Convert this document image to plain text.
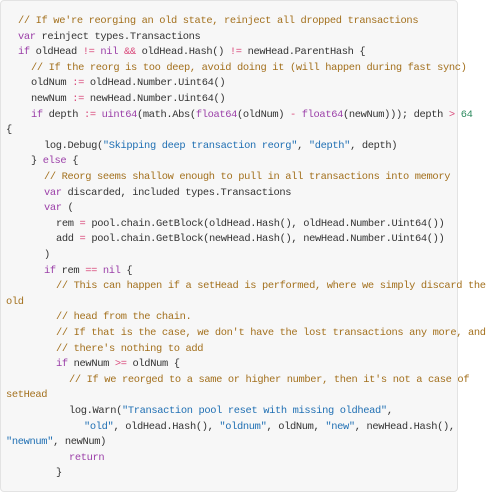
// If we're reorging an old state, reinject all dropped transactions
var reinject types.Transactions
if oldHead != nil && oldHead.Hash() != newHead.ParentHash {
// If the reorg is too deep, avoid doing it (will happen during fast sync)
oldNum := oldHead.Number.Uint64()
newNum := newHead.Number.Uint64()
if depth := uint64(math.Abs(float64(oldNum) - float64(newNum))); depth > 64
{
log.Debug("Skipping deep transaction reorg", "depth", depth)
} else {
// Reorg seems shallow enough to pull in all transactions into memory
var discarded, included types.Transactions
var (
rem = pool.chain.GetBlock(oldHead.Hash(), oldHead.Number.Uint64())
add = pool.chain.GetBlock(newHead.Hash(), newHead.Number.Uint64())
)
if rem == nil {
// This can happen if a setHead is performed, where we simply discard the
old
// head from the chain.
// If that is the case, we don't have the lost transactions any more, and
// there's nothing to add
if newNum >= oldNum {
// If we reorged to a same or higher number, then it's not a case of
setHead
log.Warn("Transaction pool reset with missing oldhead",
"old", oldHead.Hash(), "oldnum", oldNum, "new", newHead.Hash(),
"newnum", newNum)
return
}
